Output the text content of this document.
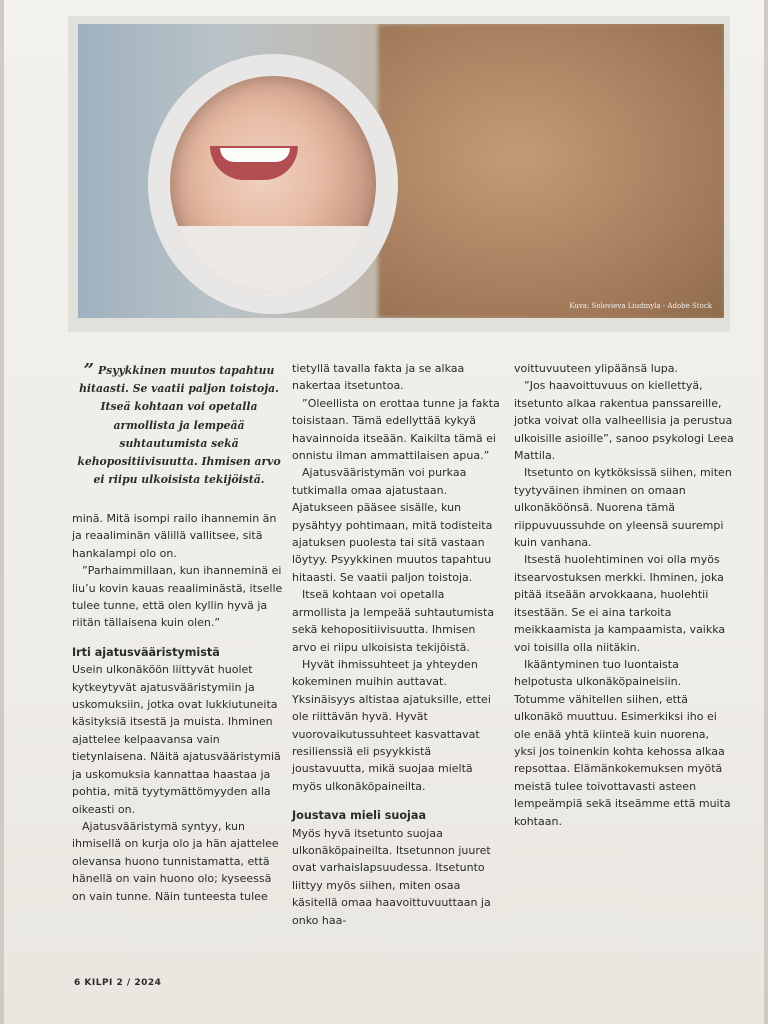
Kuva: Solovieva Liudmyla - Adobe Stock
” Psyykkinen muutos tapahtuu hitaasti. Se vaatii paljon toistoja. Itseä kohtaan voi opetalla armollista ja lempeää suhtautumista sekä kehopositiivisuutta. Ihmisen arvo ei riipu ulkoisista tekijöistä.

minä. Mitä isompi railo ihannemin än ja reaaliminän välillä vallitsee, sitä hankalampi olo on.

”Parhaimmillaan, kun ihanneminä ei liu’u kovin kauas reaaliminästä, itselle tulee tunne, että olen kyllin hyvä ja riitän tällaisena kuin olen.”

Irti ajatusvääristymistä

Usein ulkonäköön liittyvät huolet kytkeytyvät ajatusvääristymiin ja uskomuksiin, jotka ovat lukkiutuneita käsityksiä itsestä ja muista. Ihminen ajattelee kelpaavansa vain tietynlaisena. Näitä ajatusvääristymiä ja uskomuksia kannattaa haastaa ja pohtia, mitä tyytymättömyyden alla oikeasti on.

Ajatusvääristymä syntyy, kun ihmisellä on kurja olo ja hän ajattelee olevansa huono tunnistamatta, että hänellä on vain huono olo; kyseessä on vain tunne. Näin tunteesta tulee

tietyllä tavalla fakta ja se alkaa nakertaa itsetuntoa.

”Oleellista on erottaa tunne ja fakta toisistaan. Tämä edellyttää kykyä havainnoida itseään. Kaikilta tämä ei onnistu ilman ammattilaisen apua.”

Ajatusvääristymän voi purkaa tutkimalla omaa ajatustaan. Ajatukseen pääsee sisälle, kun pysähtyy pohtimaan, mitä todisteita ajatuksen puolesta tai sitä vastaan löytyy. Psyykkinen muutos tapahtuu hitaasti. Se vaatii paljon toistoja.

Itseä kohtaan voi opetalla armollista ja lempeää suhtautumista sekä kehopositiivisuutta. Ihmisen arvo ei riipu ulkoisista tekijöistä.

Hyvät ihmissuhteet ja yhteyden kokeminen muihin auttavat. Yksinäisyys altistaa ajatuksille, ettei ole riittävän hyvä. Hyvät vuorovaikutussuhteet kasvattavat resilienssiä eli psyykkistä joustavuutta, mikä suojaa mieltä myös ulkonäköpaineilta.

Joustava mieli suojaa

Myös hyvä itsetunto suojaa ulkonäköpaineilta. Itsetunnon juuret ovat varhaislapsuudessa. Itsetunto liittyy myös siihen, miten osaa käsitellä omaa haavoittuvuuttaan ja onko haa-

voittuvuuteen ylipäänsä lupa.

”Jos haavoittuvuus on kiellettyä, itsetunto alkaa rakentua panssareille, jotka voivat olla valheellisia ja perustua ulkoisille asioille”, sanoo psykologi Leea Mattila.

Itsetunto on kytköksissä siihen, miten tyytyväinen ihminen on omaan ulkonäköönsä. Nuorena tämä riippuvuussuhde on yleensä suurempi kuin vanhana.

Itsestä huolehtiminen voi olla myös itsearvostuksen merkki. Ihminen, joka pitää itseään arvokkaana, huolehtii itsestään. Se ei aina tarkoita meikkaamista ja kampaamista, vaikka voi toisilla olla niitäkin.

Ikääntyminen tuo luontaista helpotusta ulkonäköpaineisiin. Totumme vähitellen siihen, että ulkonäkö muuttuu. Esimerkiksi iho ei ole enää yhtä kiinteä kuin nuorena, yksi jos toinenkin kohta kehossa alkaa repsottaa. Elämänkokemuksen myötä meistä tulee toivottavasti asteen lempeämpiä sekä itseämme että muita kohtaan.

6 KILPI 2 / 2024
